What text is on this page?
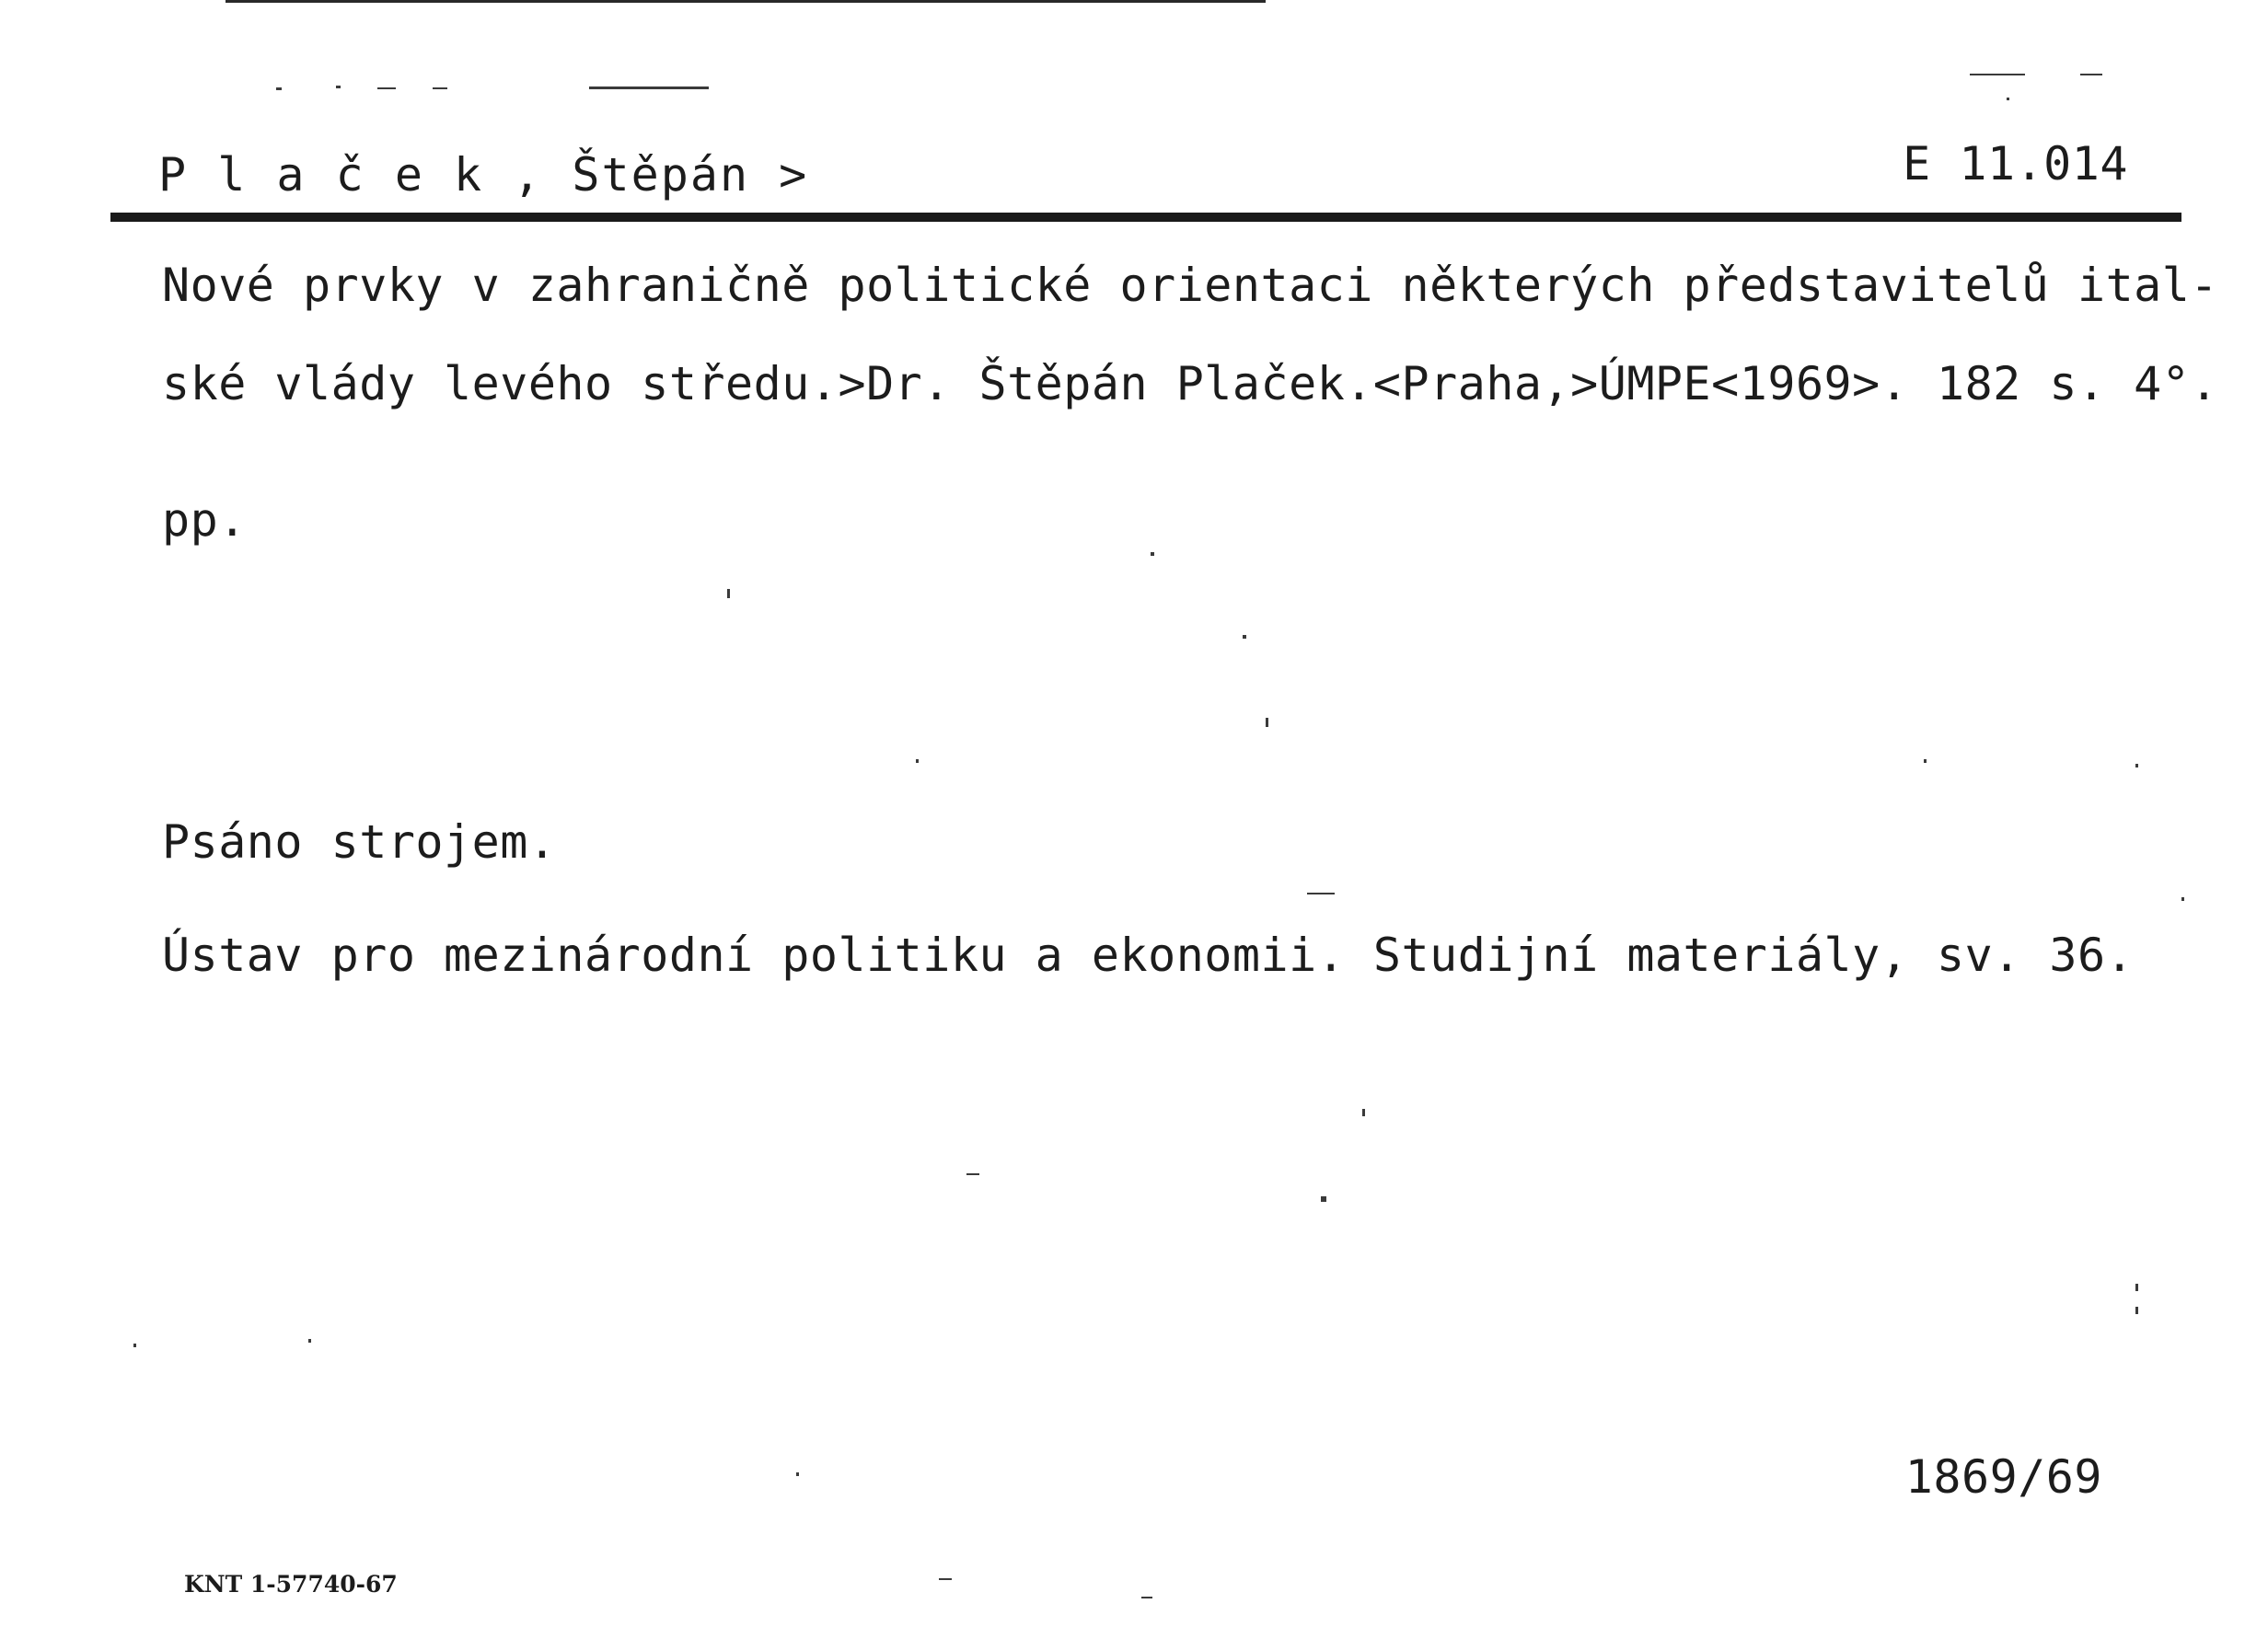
P l a č e k , Štěpán >	E 11.014
Nové prvky v zahraničně politické orientaci některých představitelů ital-
ské vlády levého středu.>Dr. Štěpán Plaček.<Praha,>ÚMPE<1969>. 182 s. 4°.
pp.
Psáno strojem.
Ústav pro mezinárodní politiku a ekonomii. Studijní materiály, sv. 36.
1869/69
KNT 1-57740-67
